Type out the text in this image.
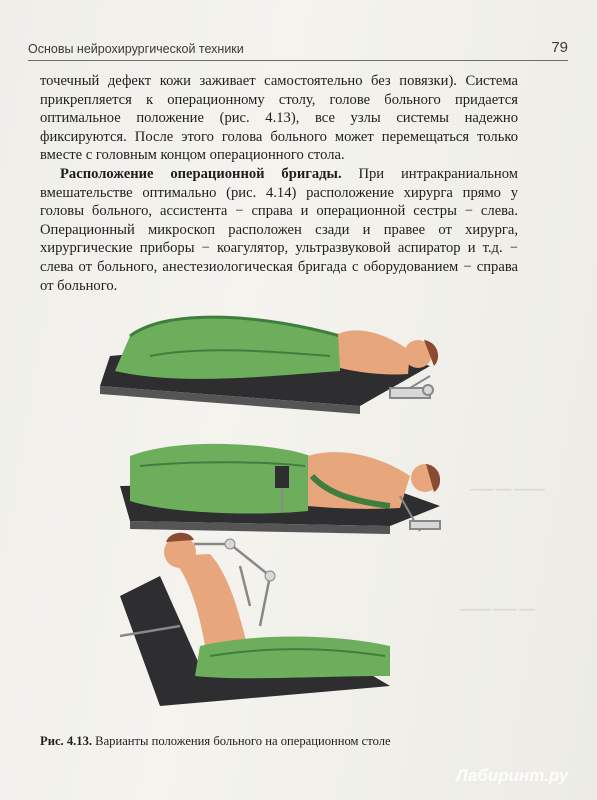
Основы нейрохирургической техники	79

точечный дефект кожи заживает самостоятельно без повязки). Система прикрепляется к операционному столу, голове больного придается оптимальное положение (рис. 4.13), все узлы системы надежно фиксируются. После этого голова больного может перемещаться только вместе с головным концом операционного стола.

Расположение операционной бригады. При интракраниальном вмешательстве оптимально (рис. 4.14) расположение хирурга прямо у головы больного, ассистента − справа и операционной сестры − слева. Операционный микроскоп расположен сзади и правее от хирурга, хирургические приборы − коагулятор, ультразвуковой аспиратор и т.д. − слева от больного, анестезиологическая бригада с оборудованием − справа от больного.

▁▁▁ ▁▁ ▁▁▁▁
▁▁▁▁ ▁▁▁ ▁▁
Рис. 4.13. Варианты положения больного на операционном столе
Лабиринт.ру
